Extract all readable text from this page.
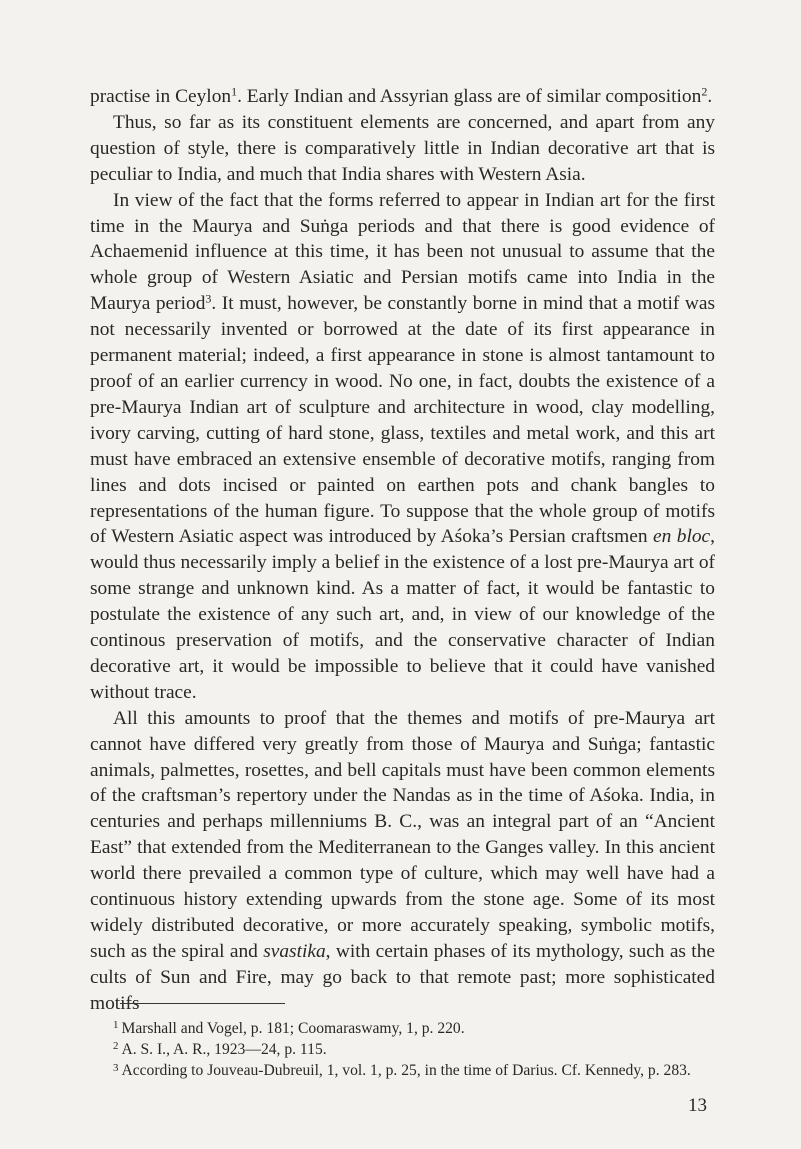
practise in Ceylon$^1$. Early Indian and Assyrian glass are of similar composition$^2$.

Thus, so far as its constituent elements are concerned, and apart from any question of style, there is comparatively little in Indian decorative art that is peculiar to India, and much that India shares with Western Asia.

In view of the fact that the forms referred to appear in Indian art for the first time in the Maurya and Suṅga periods and that there is good evidence of Achaemenid influence at this time, it has been not unusual to assume that the whole group of Western Asiatic and Persian motifs came into India in the Maurya period$^3$. It must, however, be constantly borne in mind that a motif was not necessarily invented or borrowed at the date of its first appearance in permanent material; indeed, a first appearance in stone is almost tantamount to proof of an earlier currency in wood. No one, in fact, doubts the existence of a pre-Maurya Indian art of sculpture and architecture in wood, clay modelling, ivory carving, cutting of hard stone, glass, textiles and metal work, and this art must have embraced an extensive ensemble of decorative motifs, ranging from lines and dots incised or painted on earthen pots and chank bangles to representations of the human figure. To suppose that the whole group of motifs of Western Asiatic aspect was introduced by Aśoka’s Persian craftsmen en bloc, would thus necessarily imply a belief in the existence of a lost pre-Maurya art of some strange and unknown kind. As a matter of fact, it would be fantastic to postulate the existence of any such art, and, in view of our knowledge of the continous preservation of motifs, and the conservative character of Indian decorative art, it would be impossible to believe that it could have vanished without trace.

All this amounts to proof that the themes and motifs of pre-Maurya art cannot have differed very greatly from those of Maurya and Suṅga; fantastic animals, palmettes, rosettes, and bell capitals must have been common elements of the craftsman’s repertory under the Nandas as in the time of Aśoka. India, in centuries and perhaps millenniums B. C., was an integral part of an “Ancient East” that extended from the Mediterranean to the Ganges valley. In this ancient world there prevailed a common type of culture, which may well have had a continuous history extending upwards from the stone age. Some of its most widely distributed decorative, or more accurately speaking, symbolic motifs, such as the spiral and svastika, with certain phases of its mythology, such as the cults of Sun and Fire, may go back to that remote past; more sophisticated motifs

$^1$ Marshall and Vogel, p. 181; Coomaraswamy, 1, p. 220.

$^2$ A. S. I., A. R., 1923—24, p. 115.

$^3$ According to Jouveau-Dubreuil, 1, vol. 1, p. 25, in the time of Darius. Cf. Kennedy, p. 283.

13
